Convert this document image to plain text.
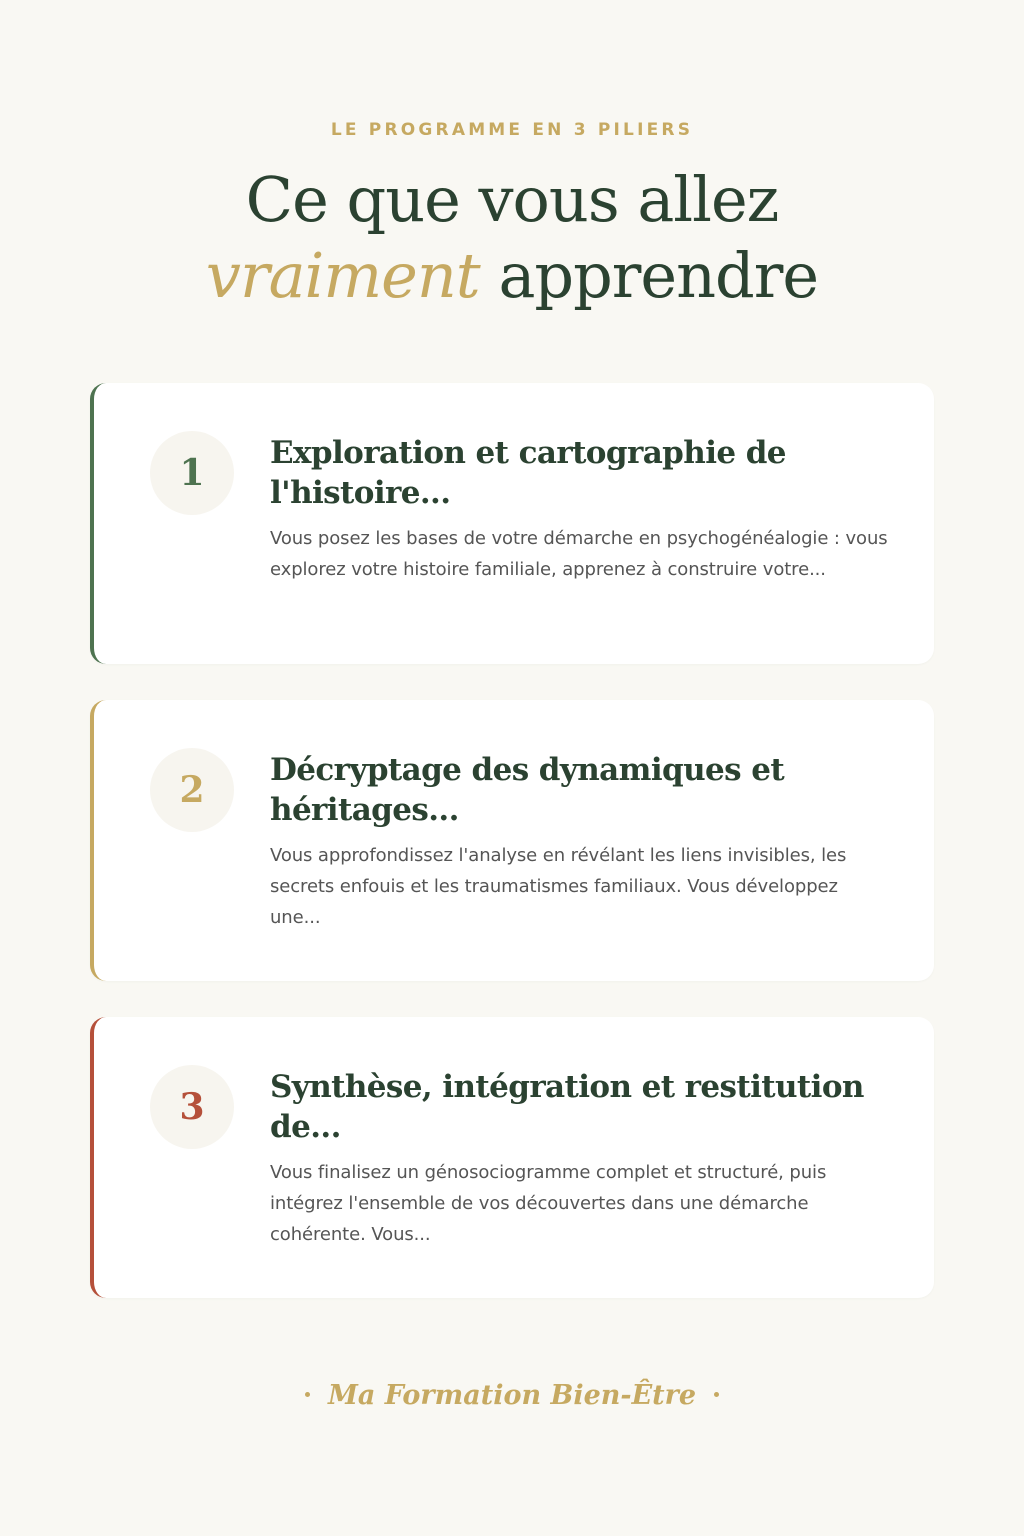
LE PROGRAMME EN 3 PILIERS

Ce que vous allez
vraiment apprendre
1	Exploration et cartographie de l'histoire...

Vous posez les bases de votre démarche en psychogénéalogie : vous explorez votre histoire familiale, apprenez à construire votre...

2	Décryptage des dynamiques et héritages...

Vous approfondissez l'analyse en révélant les liens invisibles, les secrets enfouis et les traumatismes familiaux. Vous développez une...

3	Synthèse, intégration et restitution de...

Vous finalisez un génosociogramme complet et structuré, puis intégrez l'ensemble de vos découvertes dans une démarche cohérente. Vous...

Ma Formation Bien-Être
